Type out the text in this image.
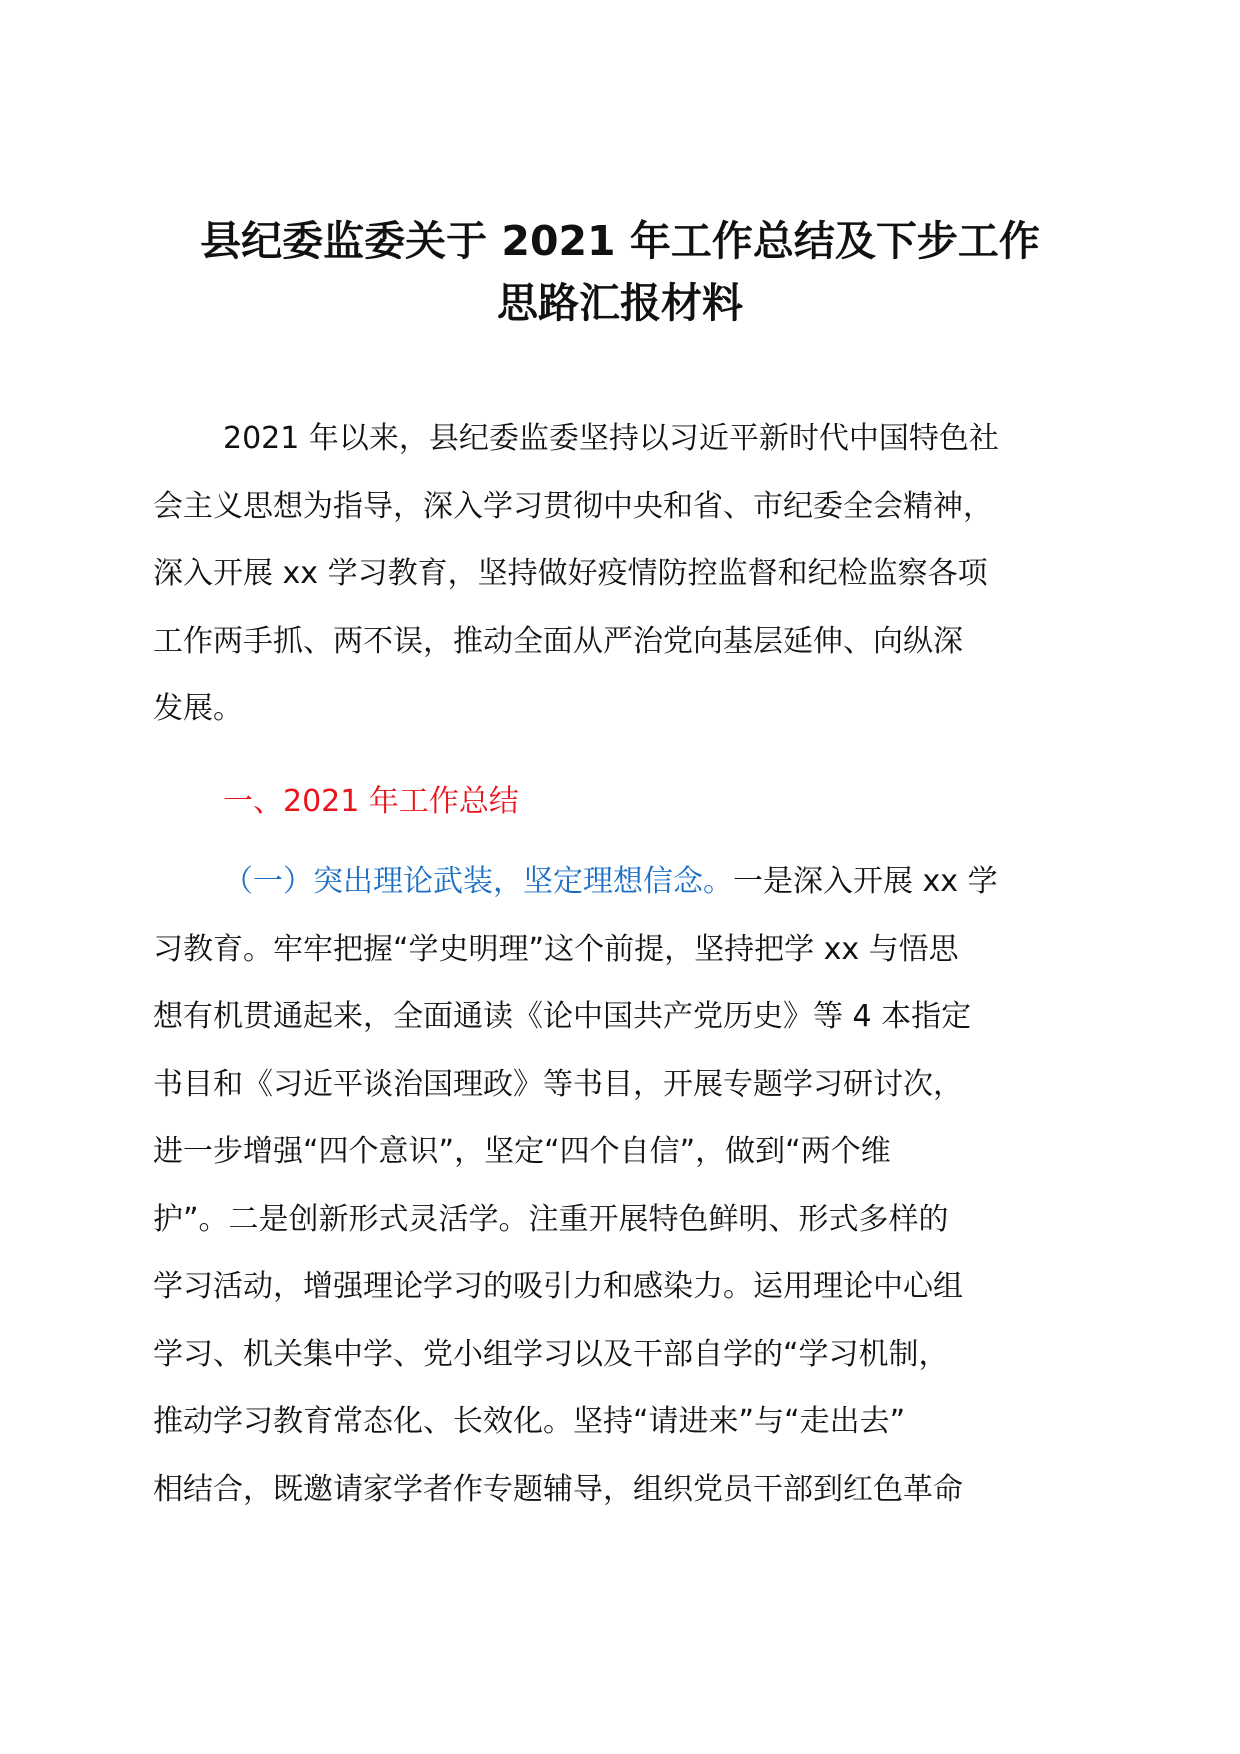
县纪委监委关于 2021 年工作总结及下步工作
思路汇报材料
2021 年以来，县纪委监委坚持以习近平新时代中国特色社
会主义思想为指导，深入学习贯彻中央和省、市纪委全会精神，
深入开展 xx 学习教育，坚持做好疫情防控监督和纪检监察各项
工作两手抓、两不误，推动全面从严治党向基层延伸、向纵深
发展。
一、2021 年工作总结
（一）突出理论武装，坚定理想信念。一是深入开展 xx 学
习教育。牢牢把握“学史明理”这个前提，坚持把学 xx 与悟思
想有机贯通起来，全面通读《论中国共产党历史》等 4 本指定
书目和《习近平谈治国理政》等书目，开展专题学习研讨次，
进一步增强“四个意识”，坚定“四个自信”，做到“两个维
护”。二是创新形式灵活学。注重开展特色鲜明、形式多样的
学习活动，增强理论学习的吸引力和感染力。运用理论中心组
学习、机关集中学、党小组学习以及干部自学的“学习机制，
推动学习教育常态化、长效化。坚持“请进来”与“走出去”
相结合，既邀请家学者作专题辅导，组织党员干部到红色革命
